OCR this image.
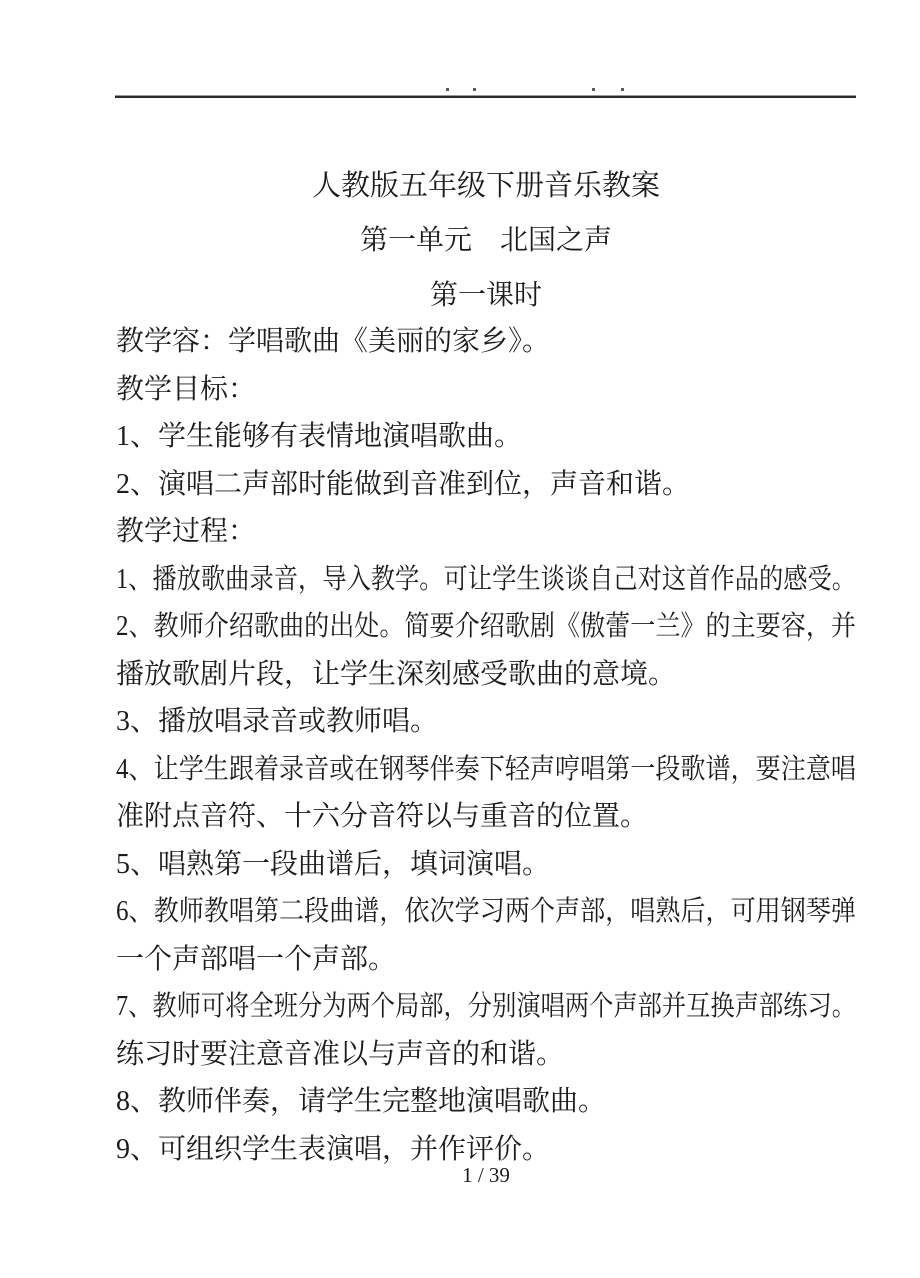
人教版五年级下册音乐教案
第一单元　北国之声
第一课时
教学容：学唱歌曲《美丽的家乡》。
教学目标：
1、学生能够有表情地演唱歌曲。
2、演唱二声部时能做到音准到位，声音和谐。
教学过程：
1、播放歌曲录音，导入教学。可让学生谈谈自己对这首作品的感受。
2、教师介绍歌曲的出处。简要介绍歌剧《傲蕾一兰》的主要容，并
播放歌剧片段，让学生深刻感受歌曲的意境。
3、播放唱录音或教师唱。
4、让学生跟着录音或在钢琴伴奏下轻声哼唱第一段歌谱，要注意唱
准附点音符、十六分音符以与重音的位置。
5、唱熟第一段曲谱后，填词演唱。
6、教师教唱第二段曲谱，依次学习两个声部，唱熟后，可用钢琴弹
一个声部唱一个声部。
7、教师可将全班分为两个局部，分别演唱两个声部并互换声部练习。
练习时要注意音准以与声音的和谐。
8、教师伴奏，请学生完整地演唱歌曲。
9、可组织学生表演唱，并作评价。
1 / 39
